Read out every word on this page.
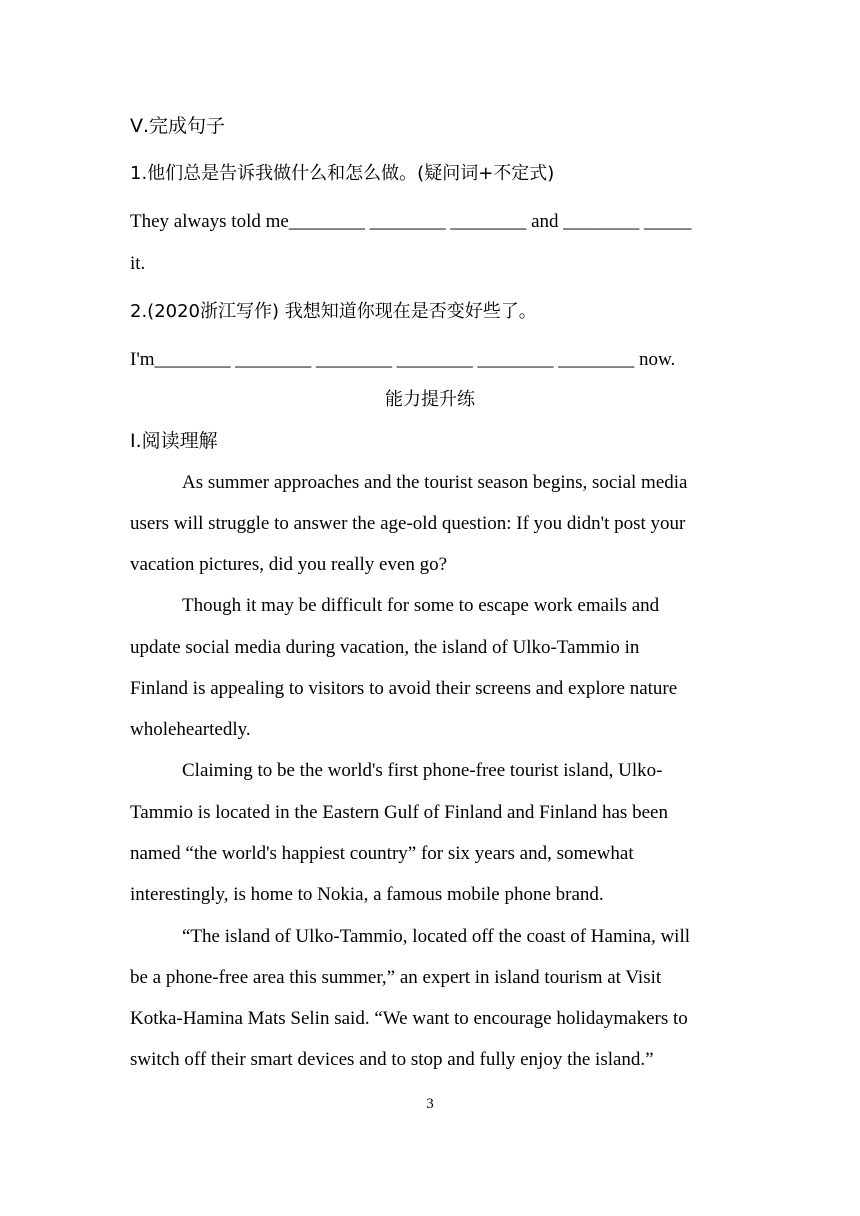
Ⅴ.完成句子
1.他们总是告诉我做什么和怎么做。(疑问词+不定式)
They always told me________ ________ ________ and ________ _____
it.
2.(2020浙江写作) 我想知道你现在是否变好些了。
I'm________ ________ ________ ________ ________ ________ now.
能力提升练
Ⅰ.阅读理解
As summer approaches and the tourist season begins, social media
users will struggle to answer the age-old question: If you didn't post your
vacation pictures, did you really even go?
Though it may be difficult for some to escape work emails and
update social media during vacation, the island of Ulko-Tammio in
Finland is appealing to visitors to avoid their screens and explore nature
wholeheartedly.
Claiming to be the world's first phone-free tourist island, Ulko-
Tammio is located in the Eastern Gulf of Finland and Finland has been
named “the world's happiest country” for six years and, somewhat
interestingly, is home to Nokia, a famous mobile phone brand.
“The island of Ulko-Tammio, located off the coast of Hamina, will
be a phone-free area this summer,” an expert in island tourism at Visit
Kotka-Hamina Mats Selin said. “We want to encourage holidaymakers to
switch off their smart devices and to stop and fully enjoy the island.”
3
